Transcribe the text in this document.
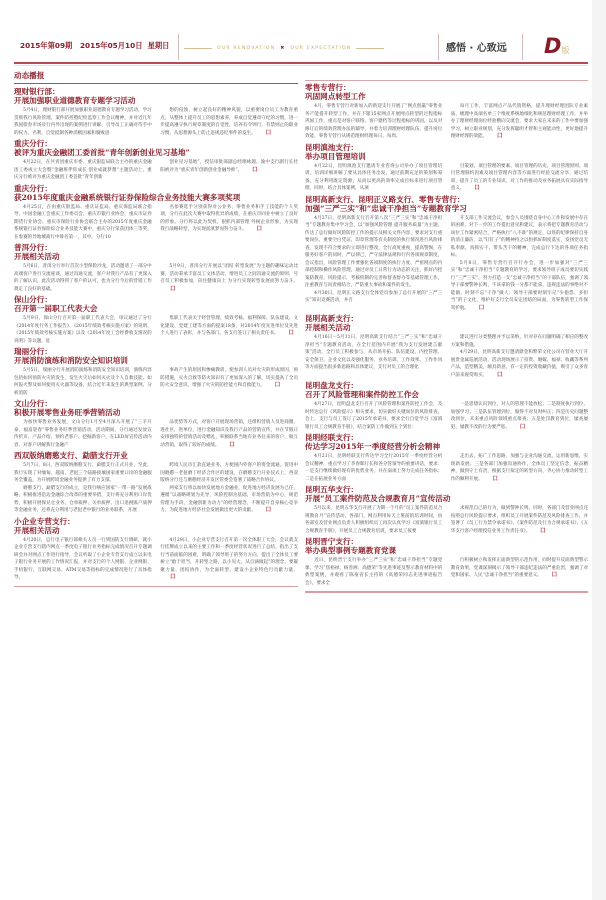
2015年第09期 2015年05月10日 星期日	OUR RENOVATION ✖ OUR EXPECTATION	感悟 · 心致远 D版
动态播报
理财银行部：
开展加强职业道德教育专题学习活动

5月4日，理财银行部开展加强职业道德教育专题学习活动，学习贯彻我行风险管理、案件防控暨纪检监察工作会议精神，并对近几年我国债券市场及行内外出现的案例进行讲解，引导员工正确对待手中的权力、名利，自觉抵制各种消极因素和腐败思

想的侵蚀，树立起良好的精神风貌，以重要岗位员工为教育重点，从整体上提升员工的思想素养，养成自觉遵章守纪的习惯，进一步提高遵守执行规章制度的自觉性，培养有令则行、有禁则止的职业习惯，从思想源头上防止违规违纪事件的发生。 囗

重庆分行：
被评为重庆金融团工委首批“青年创新创业见习基地”

4月22日，在共青团重庆市委、重庆银监局联合主办的重庆金融团工委成立大会暨“金融班伴你成长 创业成就梦想”主题活动上，重庆分行被评为重庆金融团工委首批“青年创新

创业见习基地”，授信审批部副总经理咏题、渝中支行副行长杜阳被评为“重庆青年创新创业金融导师”。 囗

重庆分行：
获2015年度重庆金融系统银行证券保险综合业务技能大赛多项奖项

4月25日，在由重庆银监局、重庆证监局、重庆保监局联合指导，中国金融工会重庆工作委员会、重庆市银行业协会、重庆市证券期货行业协会、重庆市保险行业协会联合主办的2015年度重庆金融系统银行证券保险综合业务技能大赛中，重庆分行荣获团体三等奖，在参赛的异地城商行中排名第一，其中，分行10

名参赛选手分别获得对公业务、零售业务和手工技能的个人奖项，分行在此次大赛中取得优异的成绩，在重庆市同业中树立了良好的形象。分行将以此为契机，狠抓内部管理 外树企业形象，为实现我行战略转型，为实现富滇梦而努力奋斗。 囗

普洱分行：
开展相关活动

5月6日，普洱分行举行首次小型保险沙龙，活动邀请了一部分中高端客户进行交流座谈，通过沟通交流，客户对我行产品有了更深入的了解认识，此次活动得到了客户的认可，也为分行今后的营销工作奠定了良好的基础。

5月9日，普洱分行开展以“团结 转型发展”为主题的趣味运动比赛，活动秉承丰富员工文体活动，增进员工之间沟通交流的原则，号召员工积极参加，向往健康向上 为分行实现转型发展而努力奋斗。囗

保山分行：
召开第一届职工代表大会

5月9日，保山分行召开第一届职工代表大会，审议通过了分行《2014年度行务工作报告》、《2015年绩效考核实施方案》的说明、《2015年绩效考核实施方案》以及《2014年度工会经费收支情况的说明》等议题，征

集职工代表关于经营管理、绩效考核、福利保障、队伍建设、文化建设、党建工建等方面的提案18条，对2014年度先进单位及先进个人进行了表彰，并与各部门、各支行签订了相关责任书。 囗

瑞丽分行：
开展消防演练和消防安全知识培训

5月5日，瑞丽分行开展消防演练和消防安全知识培训，演练内容包括如何预防火灾的发生，发生火灾后如何灭火及个人自救技能、如何报火警及如何使用灭火器等设备，结合近年来发生的典型案例，分析消防

事故产生的原因和惨痛教训，使参训人员对火灾的形成原因，预防措施，灭火自救等防火知识有了更加深入的了解，切实提高了全员防火安全意识，增强了火灾的防控能力和自救能力。 囗

文山分行：
积极开展零售业务旺季营销活动

为加快零售业务发展，文山分行1月至4月深入开展了“三羊开泰、福富迎春”零售业务旺季营销活动，活动期间，分行通过发放宣传折页、产品介绍、预约老客户、挖掘新客户，在LED屏宣传活动内容，对客户讲解我行金融产

品优势等方式，对客户开展现场营销，还组织营销人员进商圈，进社区，进单位，进行金融知识及我行产品的营销宣传，并在节假日安排独特的营销活动及赠礼，积极联系当地有业务往来的客户，做互动营销，取得了较好的成绩。 囗

西双版纳磨憨支行、勐腊支行开业

5月7日、8日，西双版纳磨憨支行、勐腊支行正式开业，至此，我行实现了对缅甸、越南、老挝三个陆路接壤国家重要口岸的金融服务全覆盖，为开展跨境金融业务提供了有力支撑。

磨憨支行、勐腊支行的成立，是我行响应国家“一带一路”发展战略，积极推进沿边金融综合改革的重要举措，支行将充分利用口岸优势，积极开展保兑仓业务、仓单质押、关单质押、出口退税账户质押等金融业务，还将充分利用与老挝老中银行的业务联系，开展

跨境人民币汇款直通业务，方便国内外客户的资金流通，促进中国磨憨－老挝磨丁经济合作区的建设，在磨憨支行开业仪式上，西双版纳分行还与磨憨经济开发区管委会签署了战略合作协议。

两家支行将以加快发展地方金融业，促进地方经济发展为己任，遵循“以战略规划为先导，风险控制为基础，市场营销为中心，规范管理为手段，金融创新为动力”的经营理念，不断提升自身核心竞争力，为促进地方经济社会发展做出更大的贡献。 囗

小企业专营支行：
开展相关活动

4月20日，总行电子银行部相关人员一行到国防支行调研，就小企业专营支行辖内网点一季度电子银行业务指标完成情况召开专题调研会并对网点工作进行指导，会议听取了小企业专营支行成立以来电子银行业务开展的工作情况汇报，并对支行的个人网银、企业网银、手机银行、互联网交易、ATM交易等指标的完成情况进行了具体指导。

4月29日，小企业专营支行召开第一次全体职工大会，会议就支行挂牌成立以来的主要工作和一季度经营状况进行了总结，指出了支行当前面临的困难，明确了领导班子的努力方向，提出了全体员工要树立“敢于担当，开转型之路，以小见大，从点滴做起”的理念，要凝聚力量、团结协作，为全面转型、建设小企业特色行贡献力量。囗

零售专营行：
巩固网点转型工作

4月，零售专营行对新加入的新迎支行开展了“网点创赢”零售业务产能提升转型工作，并在下辖15家网点开展网点转型的过程指标巩固工作，重点是对客户联络、客户建档等过程指标的巩固，以及对修订后的绩效管理办法的辅导，并着力培训理财经理队伍，提升岗位效能，零售专营行从规范理财经理每日、每周、

每月工作，丰富网点产品代销资格，提升理财经理团队专业素质，梳理中高端名单三个维度系统地细化和规范理财经理工作，并举办了理财经理岗位经验横向交流会，要求大家在未来的工作中要加强学习，树立职业规划，充分发挥聪明才智和主观能动性，更好地提升理财经理的效能。 囗

昆明滇池支行：
举办项目管理培训

4月22日，昆明滇池支行邀请专业咨询公司举办了项目管理培训，培训详细讲解了要从具体任务出发，通过前期充足的策划和筹备，充分利用既定资源，从而以更高的效率完成目标来进行项目管理，同时，结合具体案例，从项

目策划、项目管理的要素、项目管理的历史、项目管理原则、项目管理制约因素及项目管理内容等方面进行经验交流分享，通过培训，提升了员工的专业知识，对工作的推动及业务拓展具有实际指导意义。 囗

昆明高新支行、昆明正义路支行、零售专营行：
加强“三严三实”和“忠诚干净担当”专题教育学习

4月27日，昆明高新支行召开第八次“三严三实”和“忠诚干净担当”专题教育集中学习会，以“加强风险管理 提升服务质量”为主题，传达了总行做好风险防控工作的提示及相关文件内容，要求对支行重要岗位、重要空白凭证、印章管理等有关制度的执行情况进行风险排查，发现不符合要求的立即进行整改，全行高度重视，提高警惕，在服务好客户的同时，严以律己，严守法律法规和行内各项规章制度，会议指出，风险管理工作要强化各项制度的执行力度，严密网点的内部控制和操作风险管理，通过对员工日常行为动态的关注，抓好内控案防教育，风险提示，考核机制的完善和督查督办等基础管理工作，注重教育与问责相结合，严防重大事故和案件的发生。

4月30日，昆明正义路支行全体党员参加了总行开展的“三严三实”知识竞赛活动，并召

开支部工作交流会议，参会人员围绕自身中心工作和发展中存在的困难，对下一步的工作提出意见和建议，表示将把专题教育活动与岗位工作紧密结合，严格执行“八不准”的规定，以铁的纪律保持自身的清正廉洁，以“钉钉子”的精神持之以恒抓好制度落实，发扬党员无私奉献、真抓实干、带头苦干的精神，完成总行下达的各项任务指标。

5月8日，零售专营行召开行办会，进一步加强对“三严三实”和“忠诚干净担当”专题教育的学习，要求领导班子成员要切实践行“三严三实”，努力打造一支“忠诚干净担当”的干部队伍，强调了领导干部要警钟长鸣，不该拿的钱一分都不能拿，违规违法的事绝对不能做，时刻不忘“干净”做人；领导干部要时刻牢记“少抱怨、多担当”的子文化，维护好支行全员安定团结的局面，为零售转型工作保驾护航。 囗

昆明高新支行：
开展相关活动

4月16日－5月11日，昆明高新支行结合“三严三实”和“忠诚干净担当”专题教育活动，在全行范围内开展“我为支行发展建言献策”活动，全行员工积极参与，从市场开拓、队伍建设、内控管理、安全保卫、企业文化以及强化服务、业务培训、工作效率、工作作风等方面提出很多新思路和具体建议，支行对员工的合理化

建议进行分类整理并予以采纳，针对存在问题明确了相应的整改方案和措施。

4月29日，昆明高新支行邀请鼎金和繁荣文化公司在营业大厅开展贵金属巡展活动，活动现场展示了投资、婚嫁、福禄、收藏等系列产品，造型精美，颇具新意，有一定的投资收藏价值，吸引了众多客户前来观赏购买。 囗

昆明盘龙支行：
召开了风险管理和案件防控工作会

4月27日，昆明盘龙支行召开了风险管理和案件防控工作会，及时传达总行《风险提示》相关要求，切实做好关键岗位的风险排查，会上，支行与员工签订了2015年承诺书，要求全行自觉学习《富滇银行员工合规教育手册》，结合案防工作做到五个到位：

一是思想认识到位，对人的管理不能放松；二是制度执行到位，加强学习；三是队伍管理到位，做得不对及时纠正；四是历史问题整改到位，未来重点风险领域重点排查；五是处罚教育到位，屡查屡犯、屡教不改的行为要严惩。 囗

昆明经联支行：
传达学习2015年一季度经营分析会精神

4月21日，昆明经联支行传达学习全行2015年一季度经营分析会议精神，重点学习了李春晖行长和各分管领导的重要讲话，要求：一是支行继续做好现有的优势业务，并在弱项上努力完成任务指标；二是在拓展业务方面

走出去，拓广工作思路，加强与企业沟通交流，运用新思维，实现新发展；三是各部门加强沟通协作，全体员工坚定信念，振奋精神，做到守土有责，根据支行拟定的转型方向，齐心协力推动转型工作的顺利开展。 囗

昆明五华支行：
开展“员工案件防范及合规教育月”宣传活动

5月以来，昆明五华支行开展了为期一个月的“员工案件防范及合规教育月”宣传活动，各部门、网点利用每天上班前的培训时间，由各部室及营业网点负责人积极组织员工再次认真学习《富滇银行员工合规教育手册》，开展员工合规教育培训，要求员工按要

求规范自己的行为，做到警钟长鸣，同时，各部门及营业网点还按照总行风险提示要求，组织员工开展案件防范及风险排查工作，并签署了《员工行为禁令承诺书》、《案件防范及行为合规承诺书》、《五华支行客户经理授信业务工作责任书》。 囗

昆明晋宁支行：
举办典型事例专题教育党课

近日，昆明晋宁支行举办“三严三实”和“忠诚干净担当”专题党课，学习“焦裕禄、杨善洲、高德荣”等先进事迹及警示教育材料中的典型案例，并观看了陈豪省长主持的《高德荣同志先进事迹报告会》，要求全

行积极树立和发挥正面典型的示范作用，同时提升反面典型警示教育效果，党课深刻揭示了领导干部违纪违法的严重危害，强调了对党和国家、人民“忠诚干净担当”的重要意义。 囗
